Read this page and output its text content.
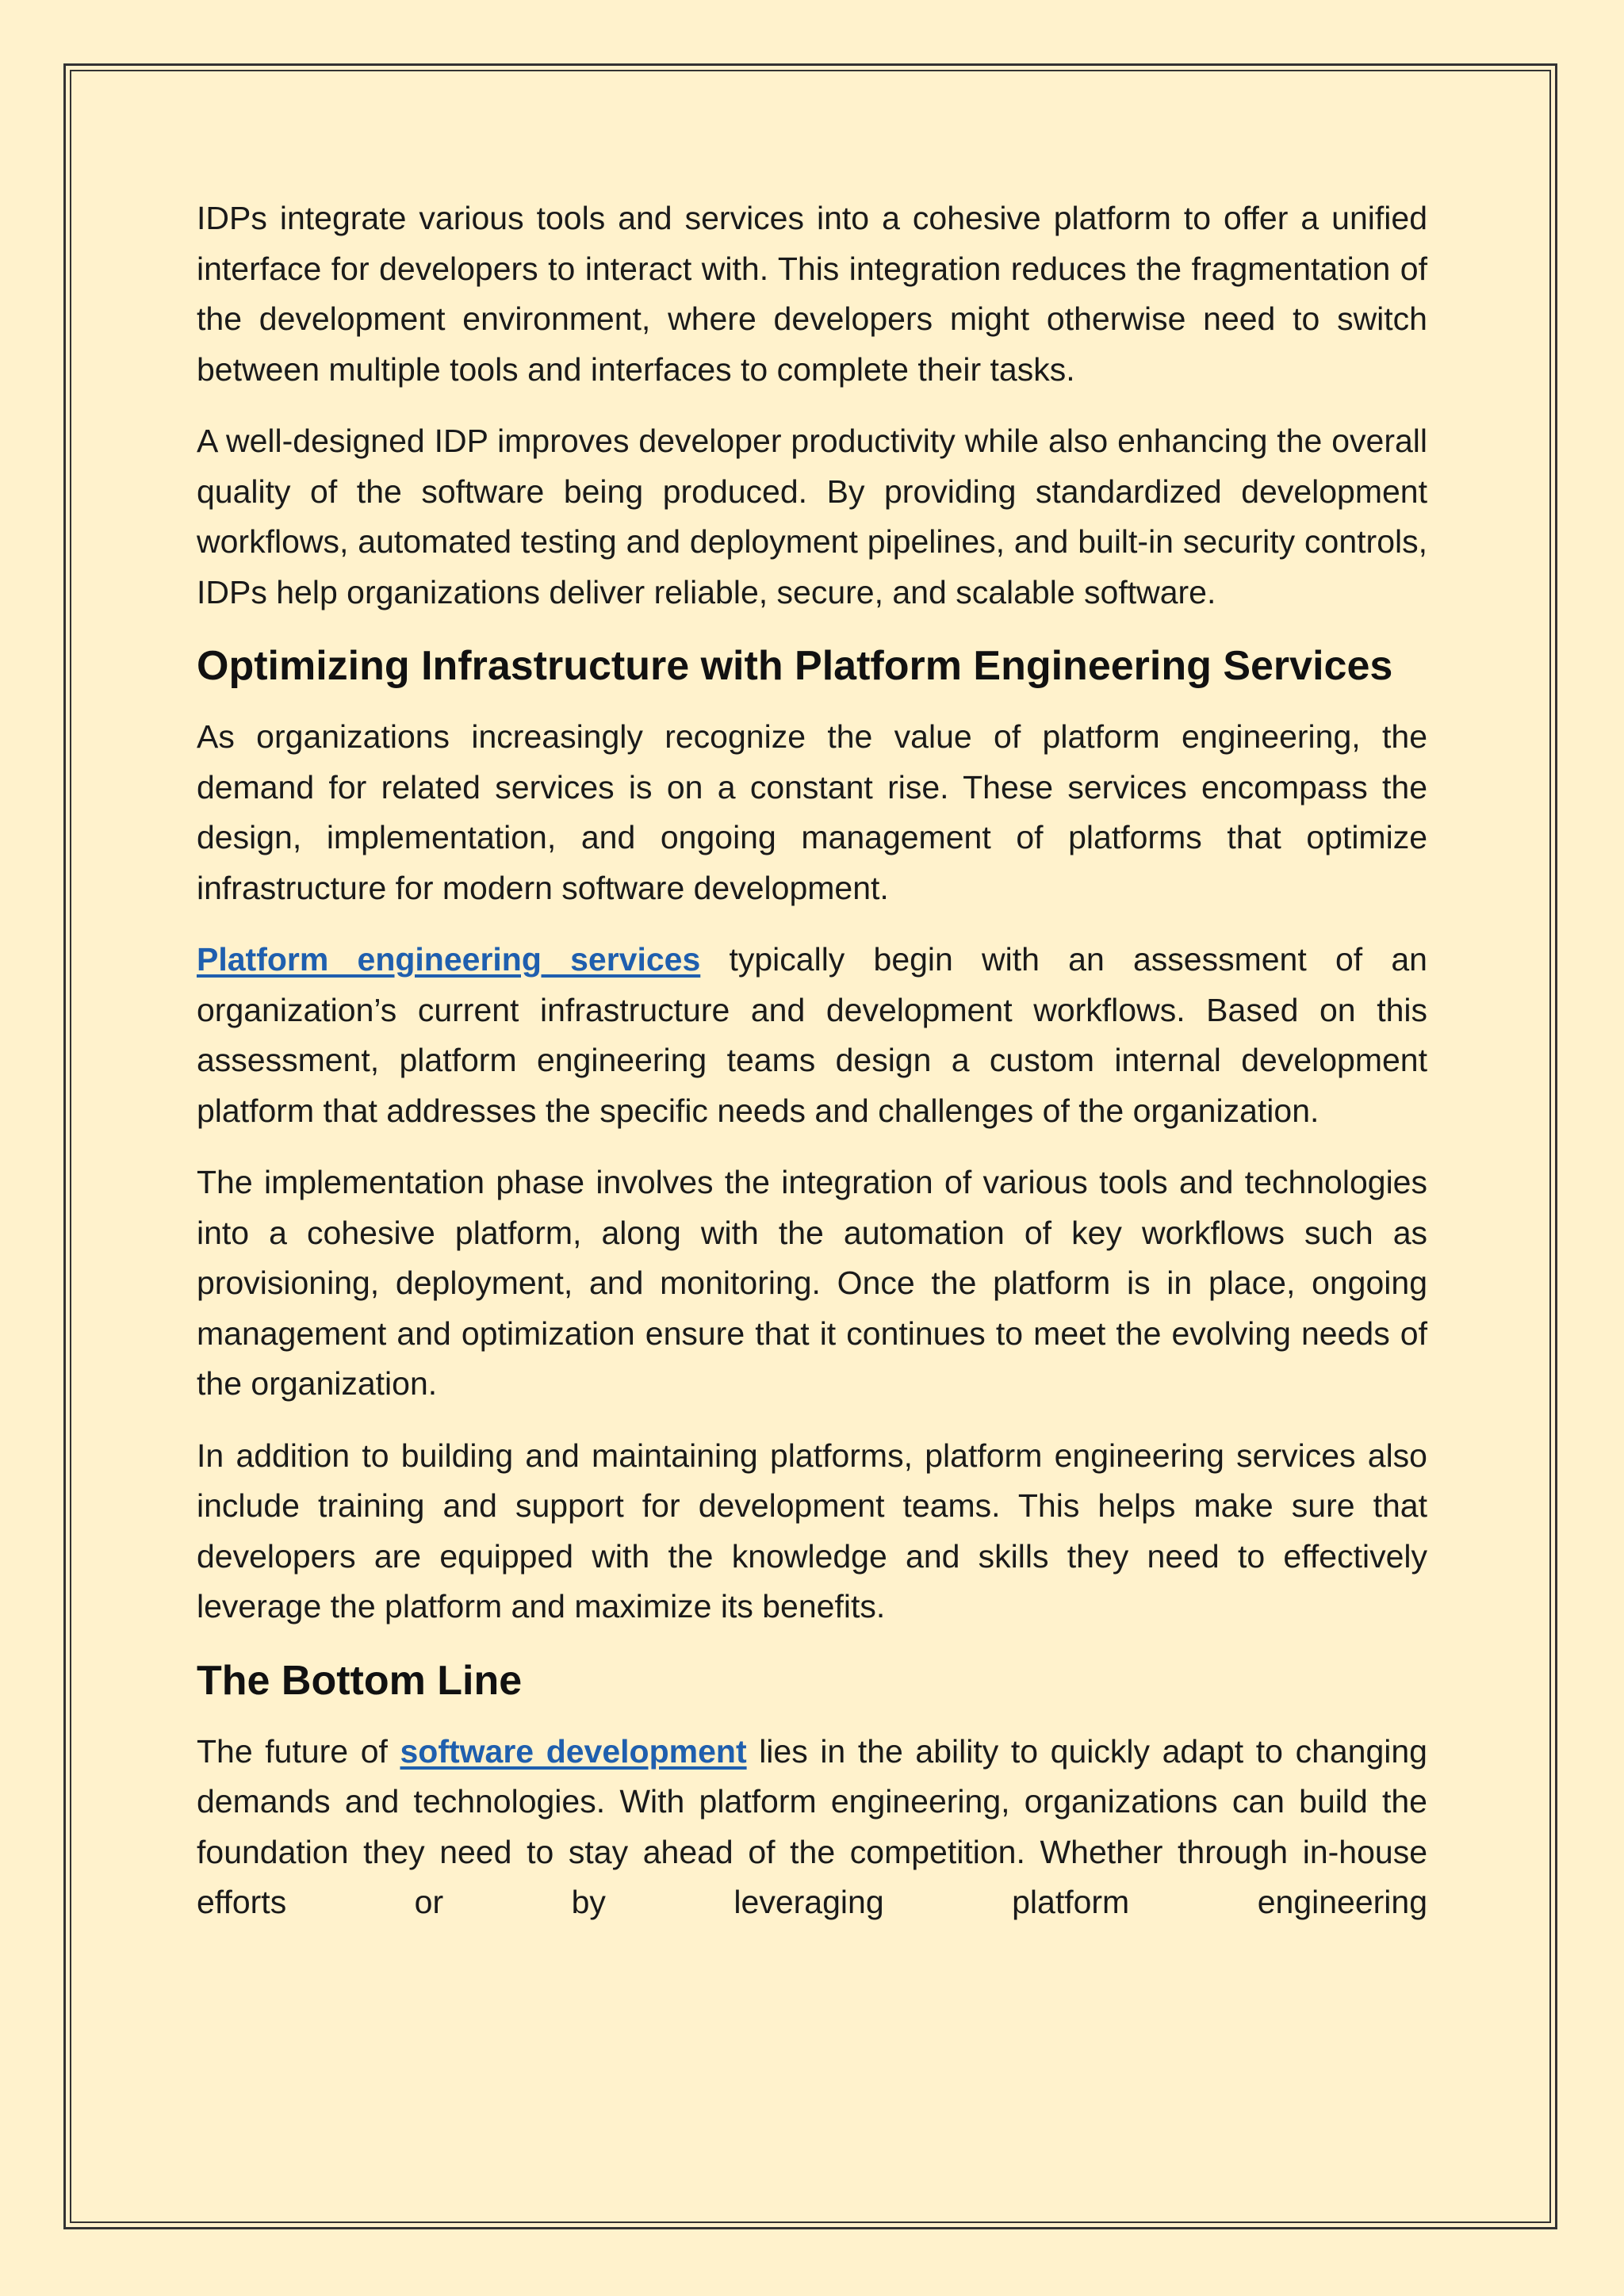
IDPs integrate various tools and services into a cohesive platform to offer a unified interface for developers to interact with. This integration reduces the fragmentation of the development environment, where developers might otherwise need to switch between multiple tools and interfaces to complete their tasks.

A well-designed IDP improves developer productivity while also enhancing the overall quality of the software being produced. By providing standardized development workflows, automated testing and deployment pipelines, and built-in security controls, IDPs help organizations deliver reliable, secure, and scalable software.

Optimizing Infrastructure with Platform Engineering Services

As organizations increasingly recognize the value of platform engineering, the demand for related services is on a constant rise. These services encompass the design, implementation, and ongoing management of platforms that optimize infrastructure for modern software development.

Platform engineering services typically begin with an assessment of an organization’s current infrastructure and development workflows. Based on this assessment, platform engineering teams design a custom internal development platform that addresses the specific needs and challenges of the organization.

The implementation phase involves the integration of various tools and technologies into a cohesive platform, along with the automation of key workflows such as provisioning, deployment, and monitoring. Once the platform is in place, ongoing management and optimization ensure that it continues to meet the evolving needs of the organization.

In addition to building and maintaining platforms, platform engineering services also include training and support for development teams. This helps make sure that developers are equipped with the knowledge and skills they need to effectively leverage the platform and maximize its benefits.

The Bottom Line

The future of software development lies in the ability to quickly adapt to changing demands and technologies. With platform engineering, organizations can build the foundation they need to stay ahead of the competition. Whether through in-house efforts or by leveraging platform engineering
